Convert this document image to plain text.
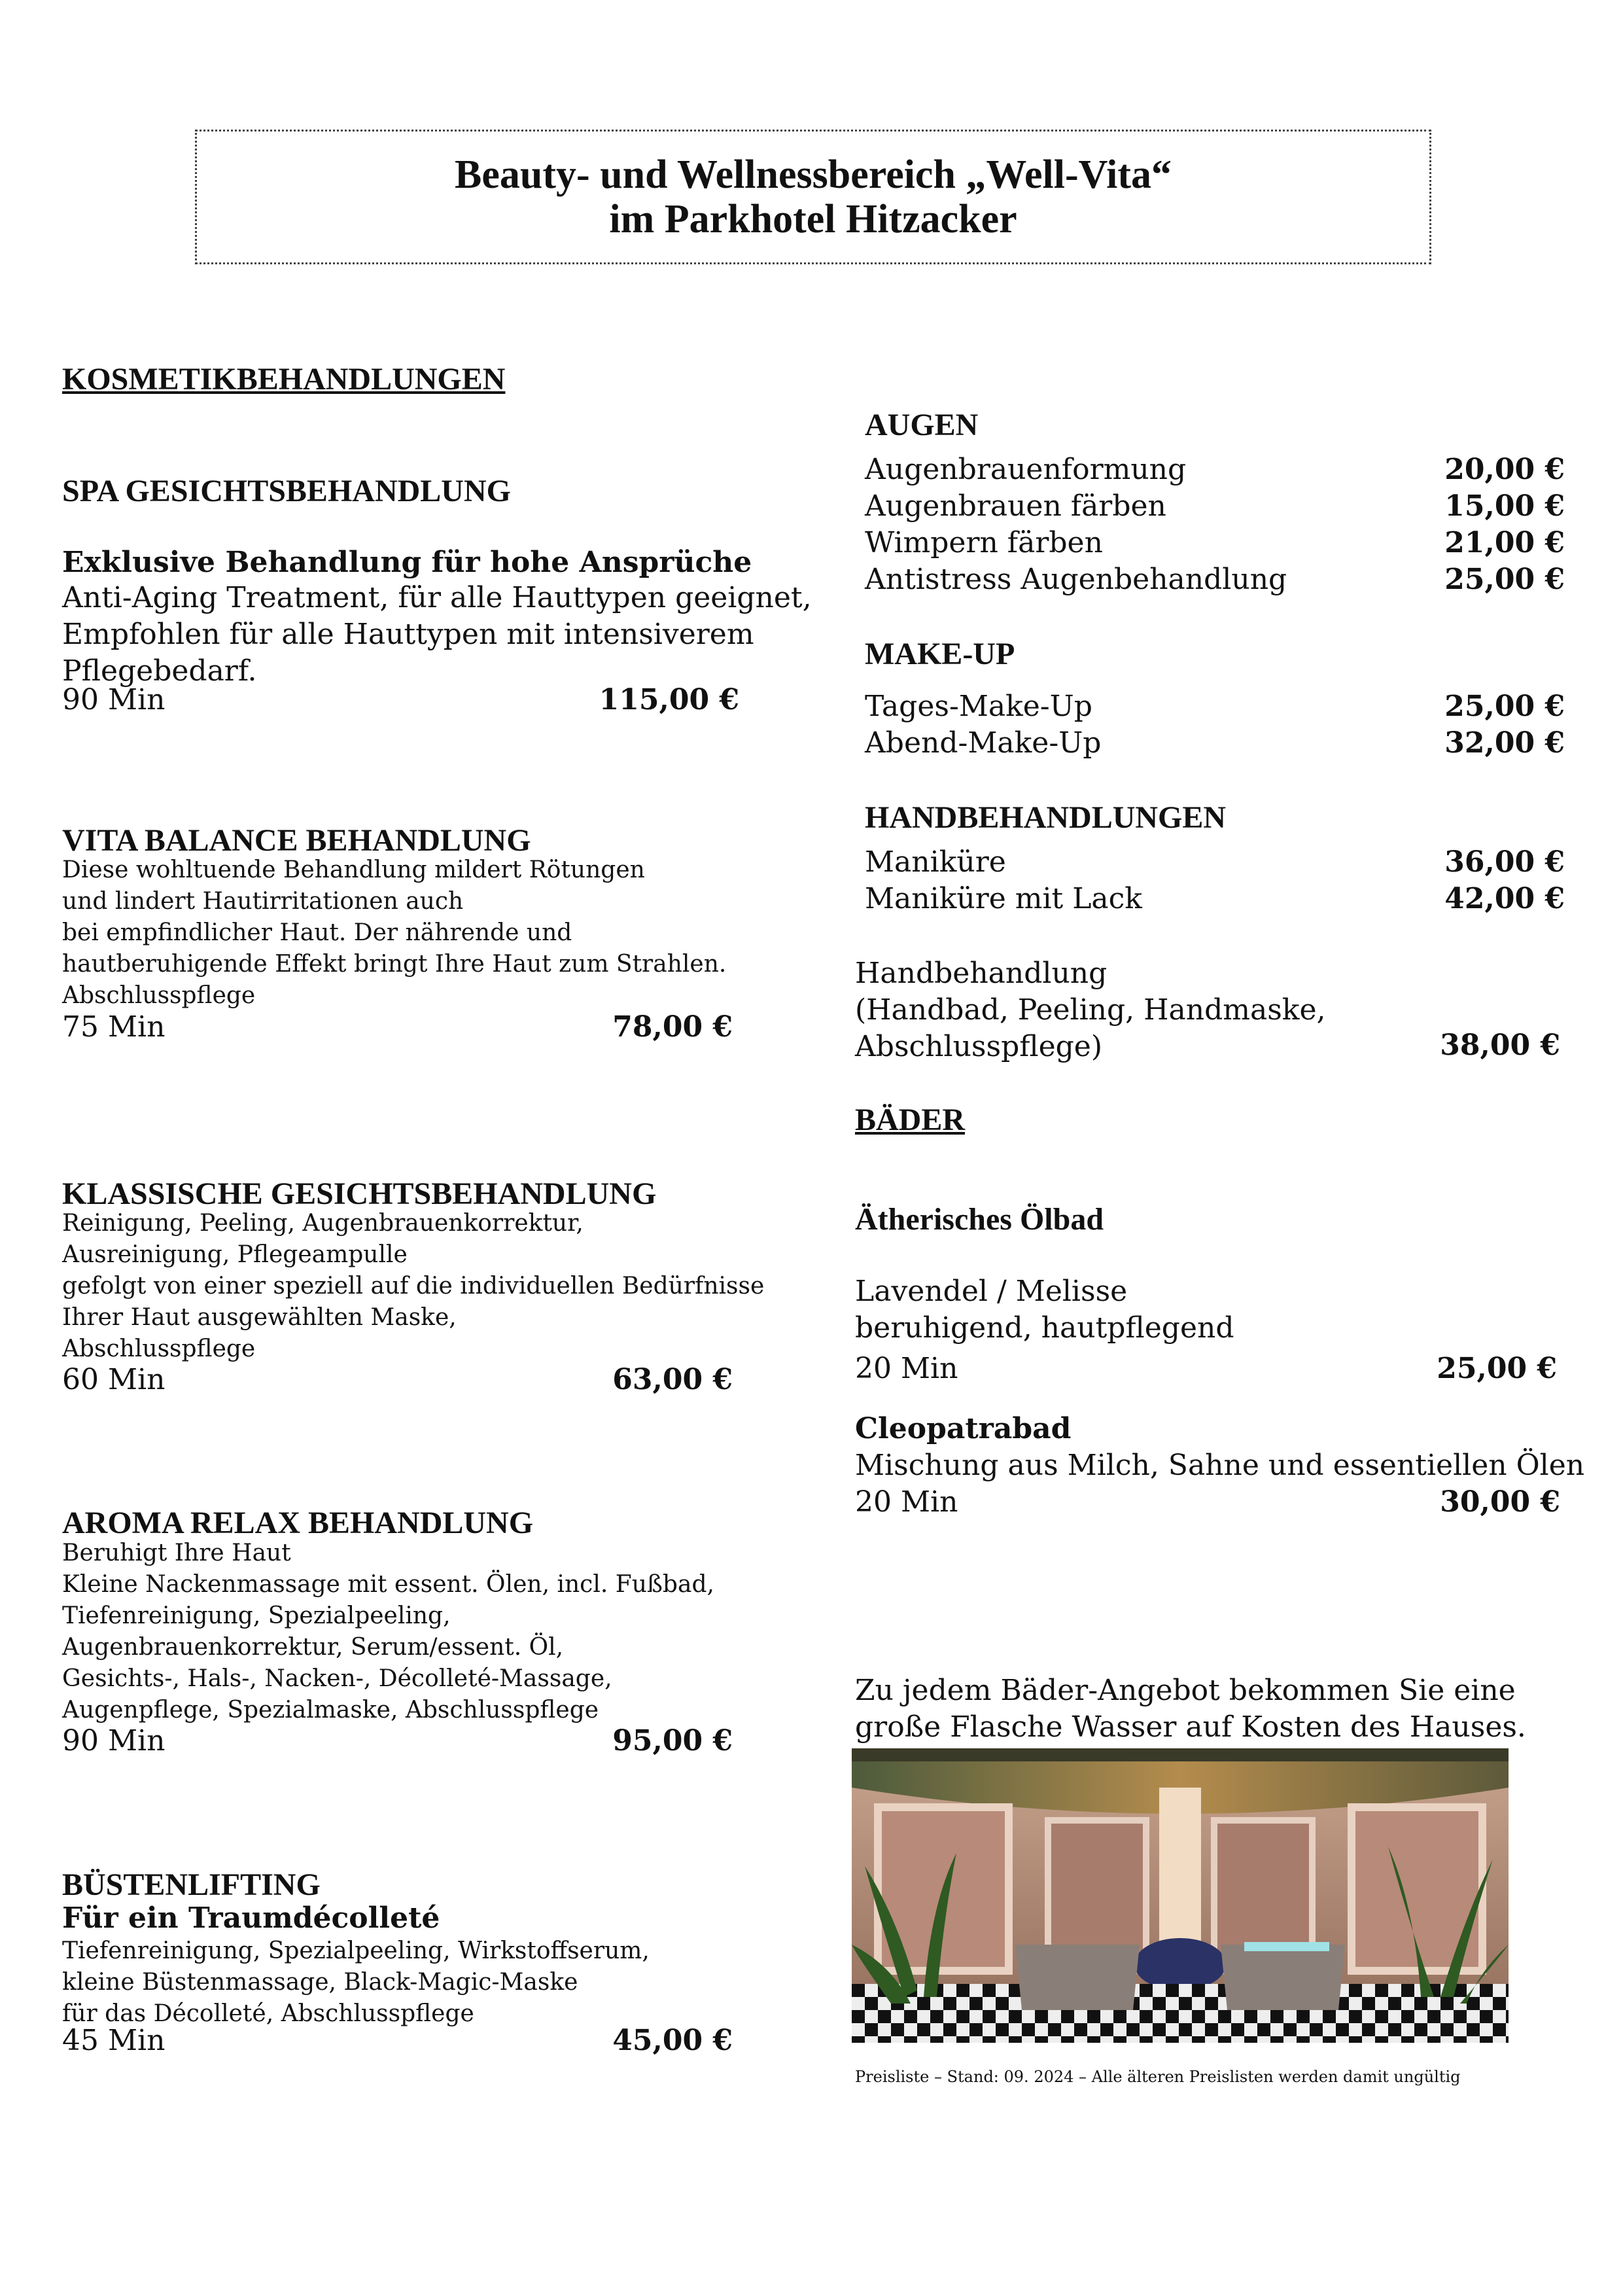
Beauty- und Wellnessbereich „Well-Vita“
im Parkhotel Hitzacker
KOSMETIKBEHANDLUNGEN
SPA GESICHTSBEHANDLUNG
Exklusive Behandlung für hohe Ansprüche
Anti-Aging Treatment, für alle Hauttypen geeignet,
Empfohlen für alle Hauttypen mit intensiverem
Pflegebedarf.
90 Min	115,00 €
VITA BALANCE BEHANDLUNG
Diese wohltuende Behandlung mildert Rötungen
und lindert Hautirritationen auch
bei empfindlicher Haut. Der nährende und
hautberuhigende Effekt bringt Ihre Haut zum Strahlen.
Abschlusspflege
75 Min	78,00 €
KLASSISCHE GESICHTSBEHANDLUNG
Reinigung, Peeling, Augenbrauenkorrektur,
Ausreinigung, Pflegeampulle
gefolgt von einer speziell auf die individuellen Bedürfnisse
Ihrer Haut ausgewählten Maske,
Abschlusspflege
60 Min	63,00 €
AROMA RELAX BEHANDLUNG
Beruhigt Ihre Haut
Kleine Nackenmassage mit essent. Ölen, incl. Fußbad,
Tiefenreinigung, Spezialpeeling,
Augenbrauenkorrektur, Serum/essent. Öl,
Gesichts-, Hals-, Nacken-, Décolleté-Massage,
Augenpflege, Spezialmaske, Abschlusspflege
90 Min	95,00 €
BÜSTENLIFTING
Für ein Traumdécolleté
Tiefenreinigung, Spezialpeeling, Wirkstoffserum,
kleine Büstenmassage, Black-Magic-Maske
für das Décolleté, Abschlusspflege
45 Min	45,00 €
AUGEN
Augenbrauenformung	20,00 €
Augenbrauen färben	15,00 €
Wimpern färben	21,00 €
Antistress Augenbehandlung	25,00 €
MAKE-UP
Tages-Make-Up	25,00 €
Abend-Make-Up	32,00 €
HANDBEHANDLUNGEN
Maniküre	36,00 €
Maniküre mit Lack	42,00 €
Handbehandlung
(Handbad, Peeling, Handmaske,
Abschlusspflege)	38,00 €
BÄDER
Ätherisches Ölbad
Lavendel / Melisse
beruhigend, hautpflegend
20 Min	25,00 €
Cleopatrabad
Mischung aus Milch, Sahne und essentiellen Ölen
20 Min	30,00 €
Zu jedem Bäder-Angebot bekommen Sie eine
große Flasche Wasser auf Kosten des Hauses.
Preisliste – Stand: 09. 2024 – Alle älteren Preislisten werden damit ungültig
